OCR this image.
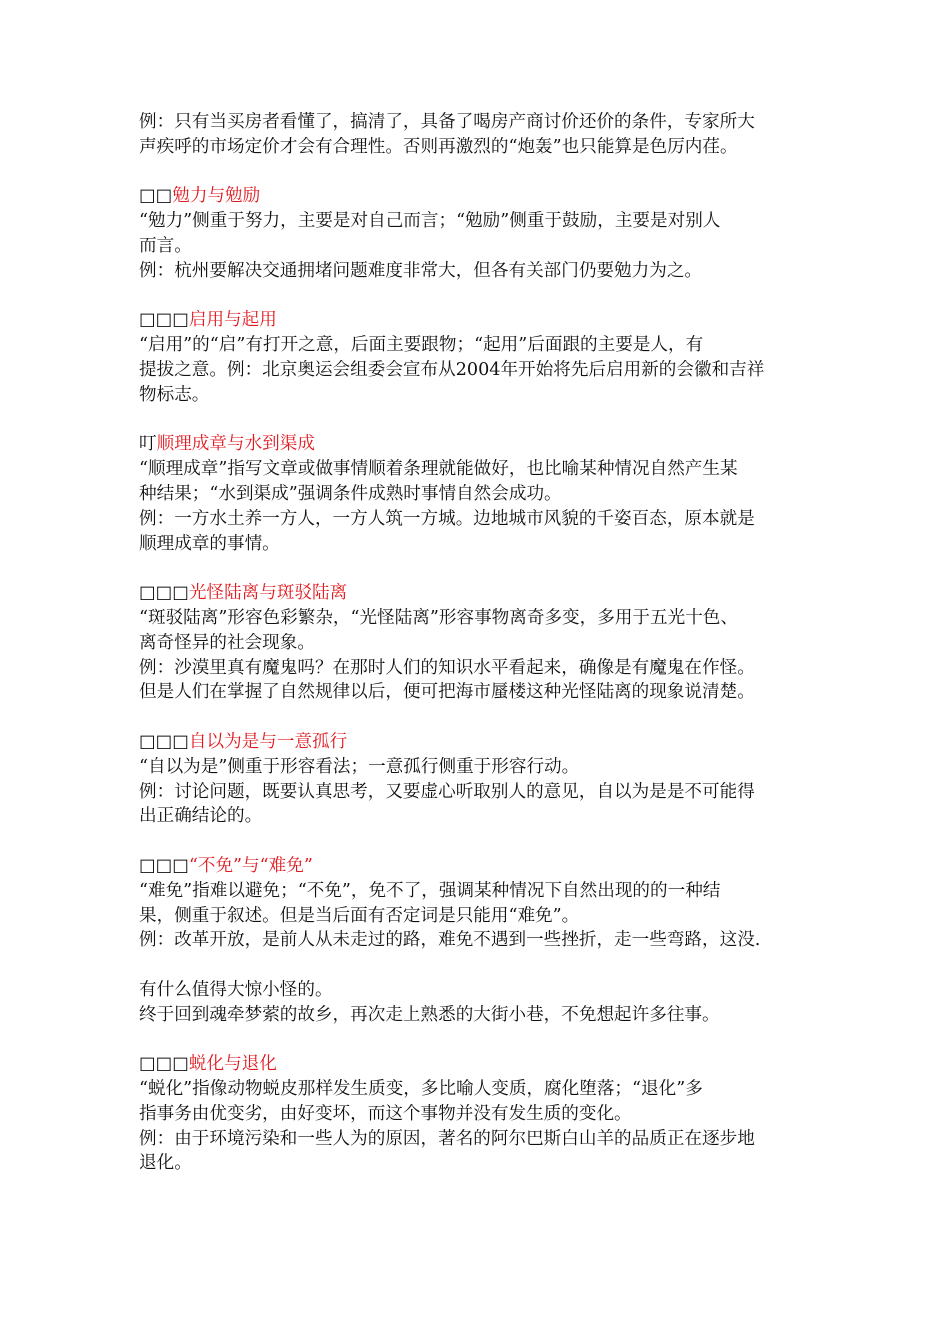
例：只有当买房者看懂了，搞清了，具备了喝房产商讨价还价的条件，专家所大
声疾呼的市场定价才会有合理性。否则再激烈的“炮轰”也只能算是色厉内荏。
□□勉力与勉励
“勉力”侧重于努力，主要是对自己而言；“勉励”侧重于鼓励，主要是对别人
而言。
例：杭州要解决交通拥堵问题难度非常大，但各有关部门仍要勉力为之。
□□□启用与起用
“启用”的“启”有打开之意，后面主要跟物；“起用”后面跟的主要是人，有
提拔之意。例：北京奥运会组委会宣布从2004年开始将先后启用新的会徽和吉祥
物标志。
叮顺理成章与水到渠成
“顺理成章”指写文章或做事情顺着条理就能做好，也比喻某种情况自然产生某
种结果；“水到渠成”强调条件成熟时事情自然会成功。
例：一方水土养一方人，一方人筑一方城。边地城市风貌的千姿百态，原本就是
顺理成章的事情。
□□□光怪陆离与斑驳陆离
“斑驳陆离”形容色彩繁杂，“光怪陆离”形容事物离奇多变，多用于五光十色、
离奇怪异的社会现象。
例：沙漠里真有魔鬼吗？在那时人们的知识水平看起来，确像是有魔鬼在作怪。
但是人们在掌握了自然规律以后，便可把海市蜃楼这种光怪陆离的现象说清楚。
□□□自以为是与一意孤行
“自以为是”侧重于形容看法；一意孤行侧重于形容行动。
例：讨论问题，既要认真思考，又要虚心听取别人的意见，自以为是是不可能得
出正确结论的。
□□□“不免”与“难免”
“难免”指难以避免；“不免”，免不了，强调某种情况下自然出现的的一种结
果，侧重于叙述。但是当后面有否定词是只能用“难免”。
例：改革开放，是前人从未走过的路，难免不遇到一些挫折，走一些弯路，这没.
有什么值得大惊小怪的。
终于回到魂牵梦萦的故乡，再次走上熟悉的大街小巷，不免想起许多往事。
□□□蜕化与退化
“蜕化”指像动物蜕皮那样发生质变，多比喻人变质，腐化堕落；“退化”多
指事务由优变劣，由好变坏，而这个事物并没有发生质的变化。
例：由于环境污染和一些人为的原因，著名的阿尔巴斯白山羊的品质正在逐步地
退化。
